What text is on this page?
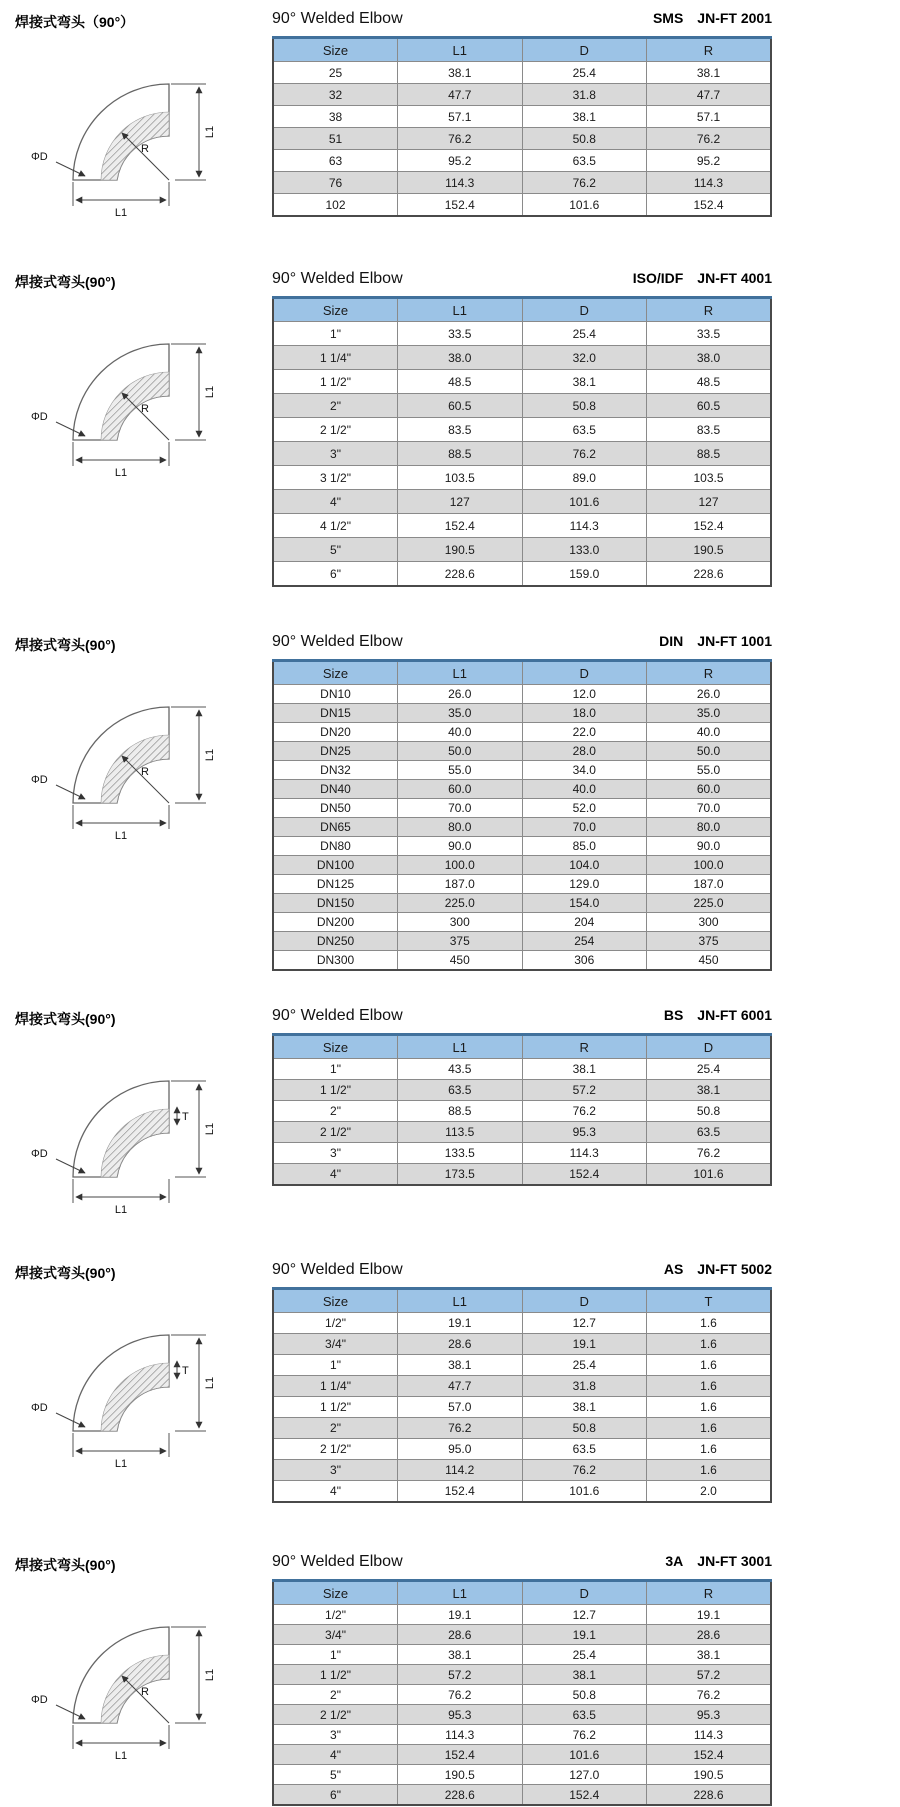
焊接式弯头（90°）
L1
L1
ΦD
R
90° Welded Elbow	SMS JN-FT 2001
Size	L1	D	R
25	38.1	25.4	38.1
32	47.7	31.8	47.7
38	57.1	38.1	57.1
51	76.2	50.8	76.2
63	95.2	63.5	95.2
76	114.3	76.2	114.3
102	152.4	101.6	152.4
焊接式弯头(90°)
L1
L1
ΦD
R
90° Welded Elbow	ISO/IDF JN-FT 4001
Size	L1	D	R
1"	33.5	25.4	33.5
1 1/4"	38.0	32.0	38.0
1 1/2"	48.5	38.1	48.5
2"	60.5	50.8	60.5
2 1/2"	83.5	63.5	83.5
3"	88.5	76.2	88.5
3 1/2"	103.5	89.0	103.5
4"	127	101.6	127
4 1/2"	152.4	114.3	152.4
5"	190.5	133.0	190.5
6"	228.6	159.0	228.6
焊接式弯头(90°)
L1
L1
ΦD
R
90° Welded Elbow	DIN JN-FT 1001
Size	L1	D	R
DN10	26.0	12.0	26.0
DN15	35.0	18.0	35.0
DN20	40.0	22.0	40.0
DN25	50.0	28.0	50.0
DN32	55.0	34.0	55.0
DN40	60.0	40.0	60.0
DN50	70.0	52.0	70.0
DN65	80.0	70.0	80.0
DN80	90.0	85.0	90.0
DN100	100.0	104.0	100.0
DN125	187.0	129.0	187.0
DN150	225.0	154.0	225.0
DN200	300	204	300
DN250	375	254	375
DN300	450	306	450
焊接式弯头(90°)
L1
L1
ΦD
T
90° Welded Elbow	BS JN-FT 6001
Size	L1	R	D
1"	43.5	38.1	25.4
1 1/2"	63.5	57.2	38.1
2"	88.5	76.2	50.8
2 1/2"	113.5	95.3	63.5
3"	133.5	114.3	76.2
4"	173.5	152.4	101.6
焊接式弯头(90°)
L1
L1
ΦD
T
90° Welded Elbow	AS JN-FT 5002
Size	L1	D	T
1/2"	19.1	12.7	1.6
3/4"	28.6	19.1	1.6
1"	38.1	25.4	1.6
1 1/4"	47.7	31.8	1.6
1 1/2"	57.0	38.1	1.6
2"	76.2	50.8	1.6
2 1/2"	95.0	63.5	1.6
3"	114.2	76.2	1.6
4"	152.4	101.6	2.0
焊接式弯头(90°)
L1
L1
ΦD
R
90° Welded Elbow	3A JN-FT 3001
Size	L1	D	R
1/2"	19.1	12.7	19.1
3/4"	28.6	19.1	28.6
1"	38.1	25.4	38.1
1 1/2"	57.2	38.1	57.2
2"	76.2	50.8	76.2
2 1/2"	95.3	63.5	95.3
3"	114.3	76.2	114.3
4"	152.4	101.6	152.4
5"	190.5	127.0	190.5
6"	228.6	152.4	228.6
